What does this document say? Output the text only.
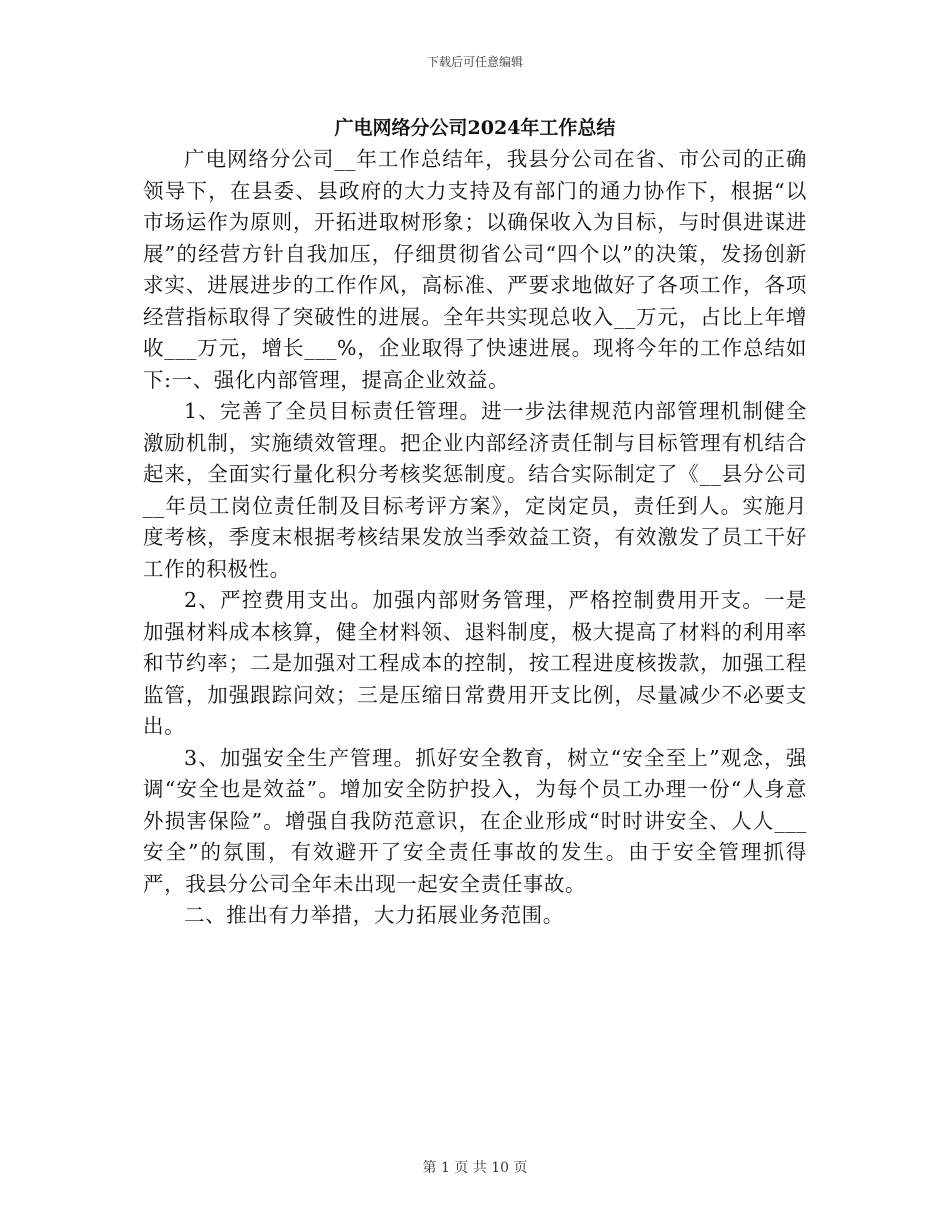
下载后可任意编辑
广电网络分公司2024年工作总结

广电网络分公司__年工作总结年，我县分公司在省、市公司的正确领导下，在县委、县政府的大力支持及有部门的通力协作下，根据“以市场运作为原则，开拓进取树形象；以确保收入为目标，与时俱进谋进展”的经营方针自我加压，仔细贯彻省公司“四个以”的决策，发扬创新求实、进展进步的工作作风，高标准、严要求地做好了各项工作，各项经营指标取得了突破性的进展。全年共实现总收入__万元，占比上年增收___万元，增长___%，企业取得了快速进展。现将今年的工作总结如下:一、强化内部管理，提高企业效益。

1、完善了全员目标责任管理。进一步法律规范内部管理机制健全激励机制，实施绩效管理。把企业内部经济责任制与目标管理有机结合起来，全面实行量化积分考核奖惩制度。结合实际制定了《__县分公司__年员工岗位责任制及目标考评方案》，定岗定员，责任到人。实施月度考核，季度末根据考核结果发放当季效益工资，有效激发了员工干好工作的积极性。

2、严控费用支出。加强内部财务管理，严格控制费用开支。一是加强材料成本核算，健全材料领、退料制度，极大提高了材料的利用率和节约率；二是加强对工程成本的控制，按工程进度核拨款，加强工程监管，加强跟踪问效；三是压缩日常费用开支比例，尽量减少不必要支出。

3、加强安全生产管理。抓好安全教育，树立“安全至上”观念，强调“安全也是效益”。增加安全防护投入，为每个员工办理一份“人身意外损害保险”。增强自我防范意识，在企业形成“时时讲安全、人人___安全”的氛围，有效避开了安全责任事故的发生。由于安全管理抓得严，我县分公司全年未出现一起安全责任事故。

二、推出有力举措，大力拓展业务范围。

第 1 页 共 10 页
